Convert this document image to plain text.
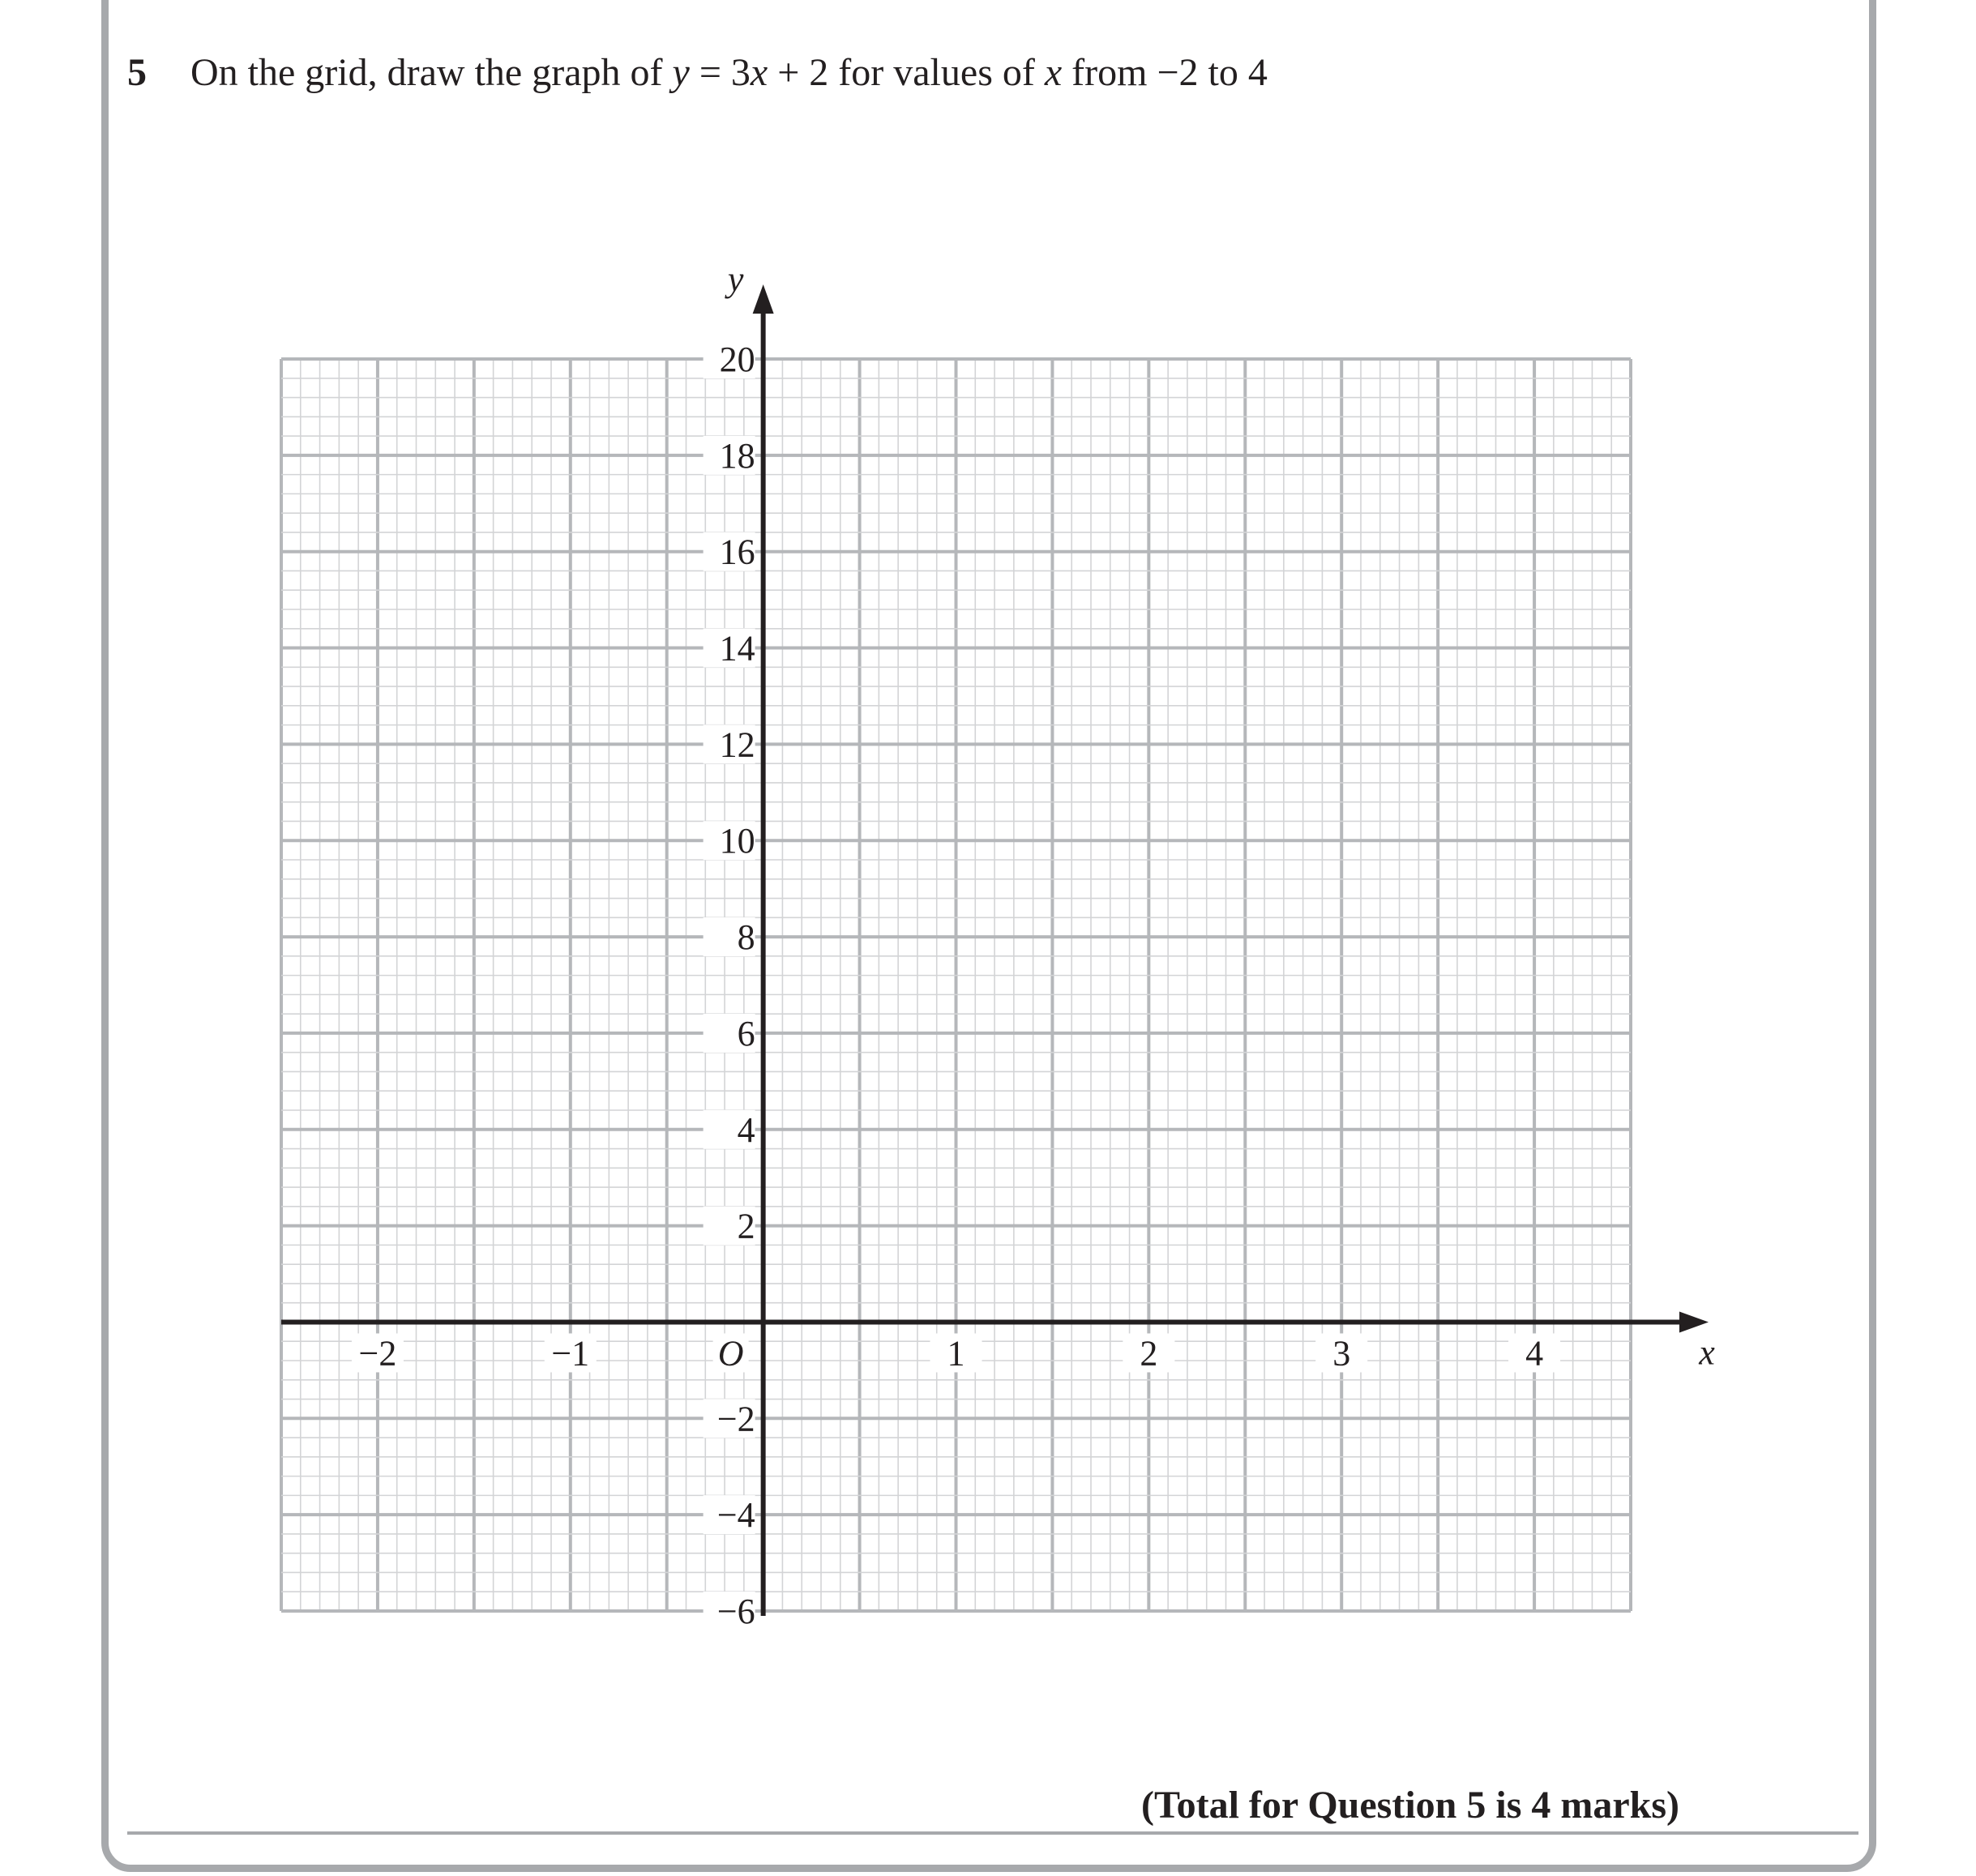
5 On the grid, draw the graph of y = 3x + 2 for values of x from −2 to 4
−2	−1	1	2	3	4
O
20
18
16
14
12
10
8
6
4
2
−2
−4
−6
x
y
(Total for Question 5 is 4 marks)
